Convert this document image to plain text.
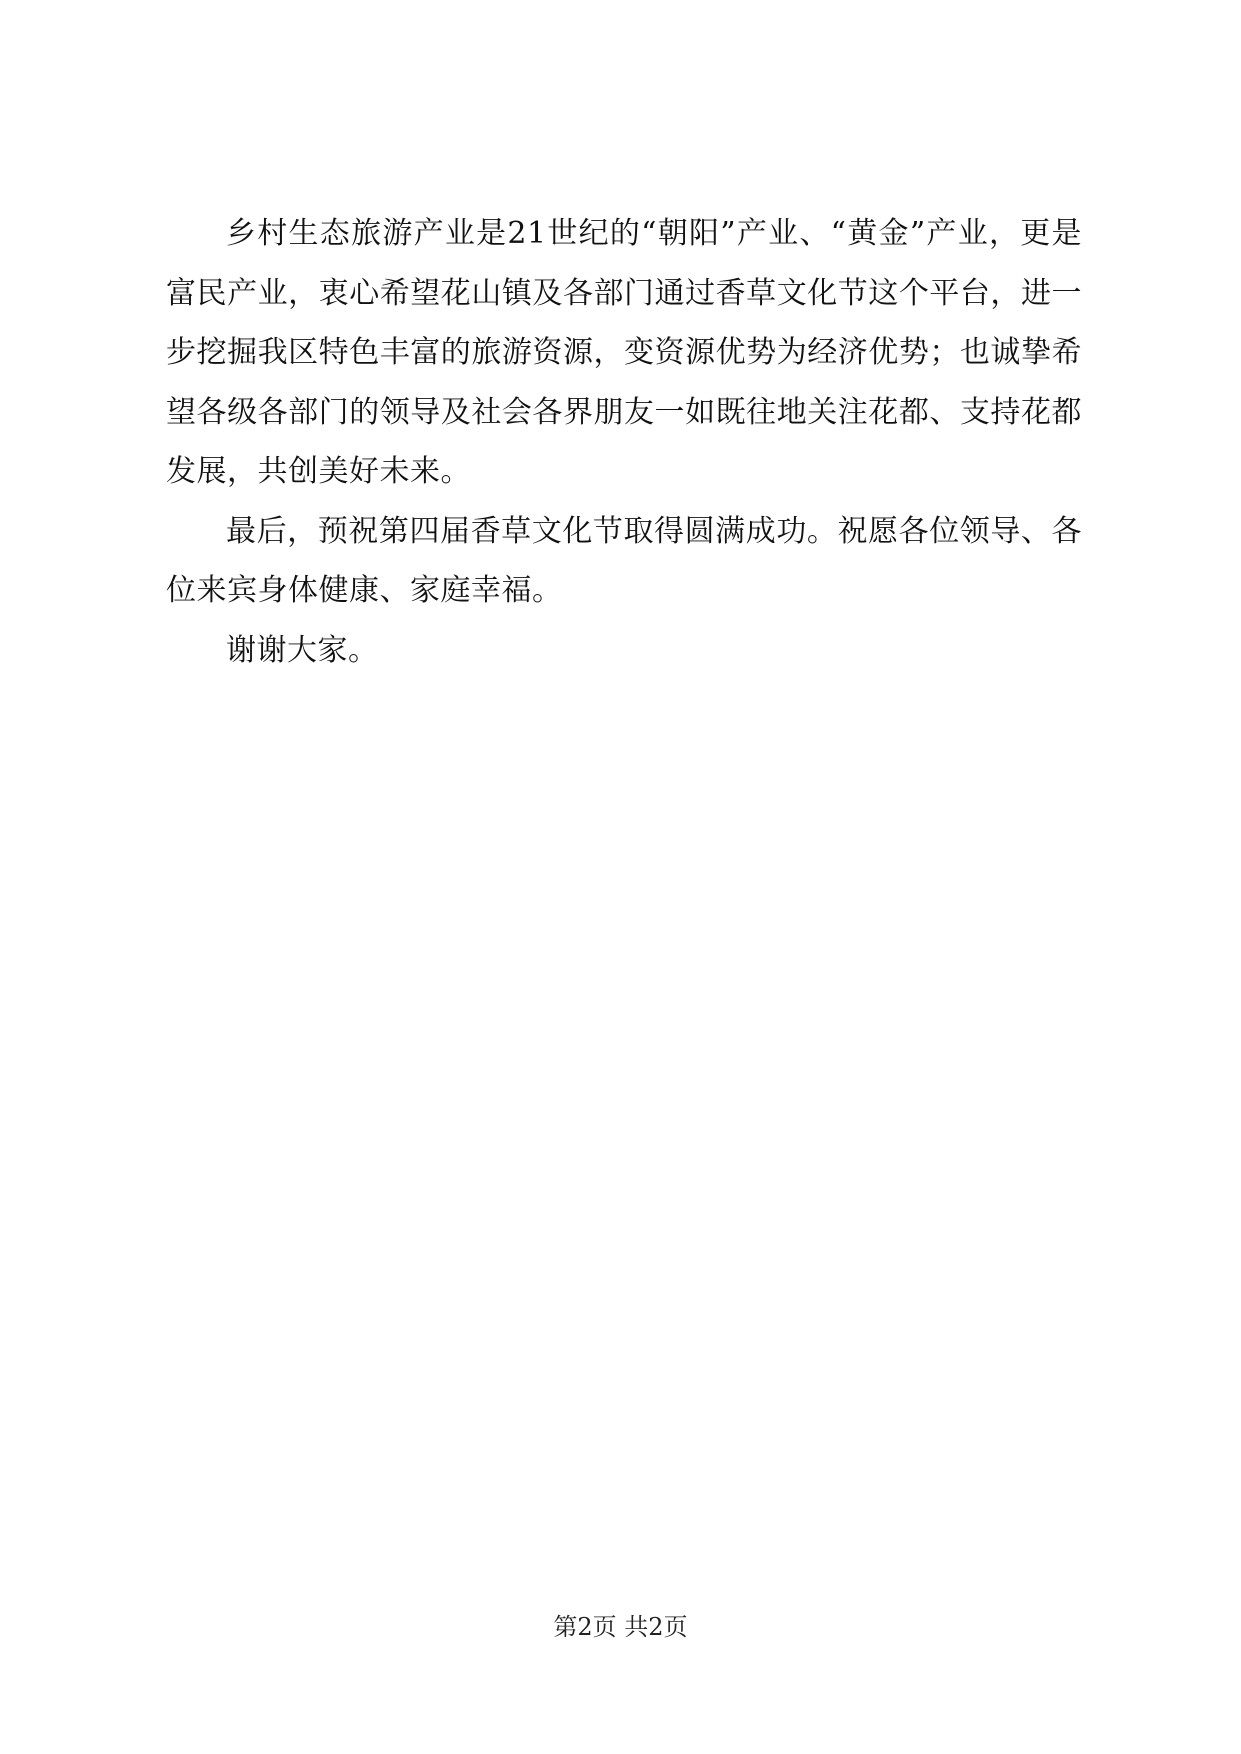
乡村生态旅游产业是21世纪的“朝阳”产业、“黄金”产业，更是富民产业，衷心希望花山镇及各部门通过香草文化节这个平台，进一步挖掘我区特色丰富的旅游资源，变资源优势为经济优势；也诚挚希望各级各部门的领导及社会各界朋友一如既往地关注花都、支持花都发展，共创美好未来。

最后，预祝第四届香草文化节取得圆满成功。祝愿各位领导、各位来宾身体健康、家庭幸福。

谢谢大家。

第2页 共2页
